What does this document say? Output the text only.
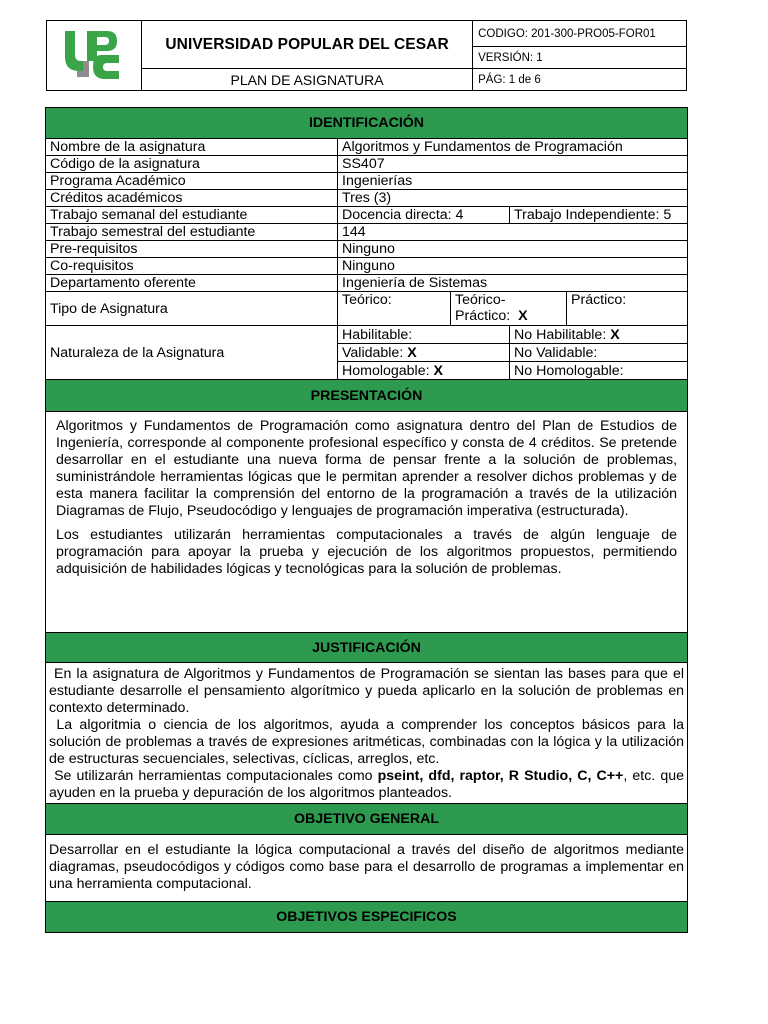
	UNIVERSIDAD POPULAR DEL CESAR	CODIGO: 201-300-PRO05-FOR01
		VERSIÓN: 1
	PLAN DE ASIGNATURA	PÁG: 1 de 6
IDENTIFICACIÓN				
Nombre de la asignatura	Algoritmos y Fundamentos de Programación			
Código de la asignatura	SS407			
Programa Académico	Ingenierías			
Créditos académicos	Tres (3)			
Trabajo semanal del estudiante	Docencia directa: 4		Trabajo Independiente: 5	
Trabajo semestral del estudiante	144			
Pre-requisitos	Ninguno			
Co-requisitos	Ninguno			
Departamento oferente	Ingeniería de Sistemas			
Tipo de Asignatura	Teórico:	Teórico-Práctico: X		Práctico:
Naturaleza de la Asignatura	Habilitable:		No Habilitable: X	
	Validable: X		No Validable:	
	Homologable: X		No Homologable:	
PRESENTACIÓN				

Algoritmos y Fundamentos de Programación como asignatura dentro del Plan de Estudios de Ingeniería, corresponde al componente profesional específico y consta de 4 créditos. Se pretende desarrollar en el estudiante una nueva forma de pensar frente a la solución de problemas, suministrándole herramientas lógicas que le permitan aprender a resolver dichos problemas y de esta manera facilitar la comprensión del entorno de la programación a través de la utilización Diagramas de Flujo, Pseudocódigo y lenguajes de programación imperativa (estructurada).

Los estudiantes utilizarán herramientas computacionales a través de algún lenguaje de programación para apoyar la prueba y ejecución de los algoritmos propuestos, permitiendo adquisición de habilidades lógicas y tecnológicas para la solución de problemas.				

JUSTIFICACIÓN				

En la asignatura de Algoritmos y Fundamentos de Programación se sientan las bases para que el estudiante desarrolle el pensamiento algorítmico y pueda aplicarlo en la solución de problemas en contexto determinado.

La algoritmia o ciencia de los algoritmos, ayuda a comprender los conceptos básicos para la solución de problemas a través de expresiones aritméticas, combinadas con la lógica y la utilización de estructuras secuenciales, selectivas, cíclicas, arreglos, etc.

Se utilizarán herramientas computacionales como pseint, dfd, raptor, R Studio, C, C++, etc. que ayuden en la prueba y depuración de los algoritmos planteados.				

OBJETIVO GENERAL				

Desarrollar en el estudiante la lógica computacional a través del diseño de algoritmos mediante diagramas, pseudocódigos y códigos como base para el desarrollo de programas a implementar en una herramienta computacional.				

OBJETIVOS ESPECIFICOS				
